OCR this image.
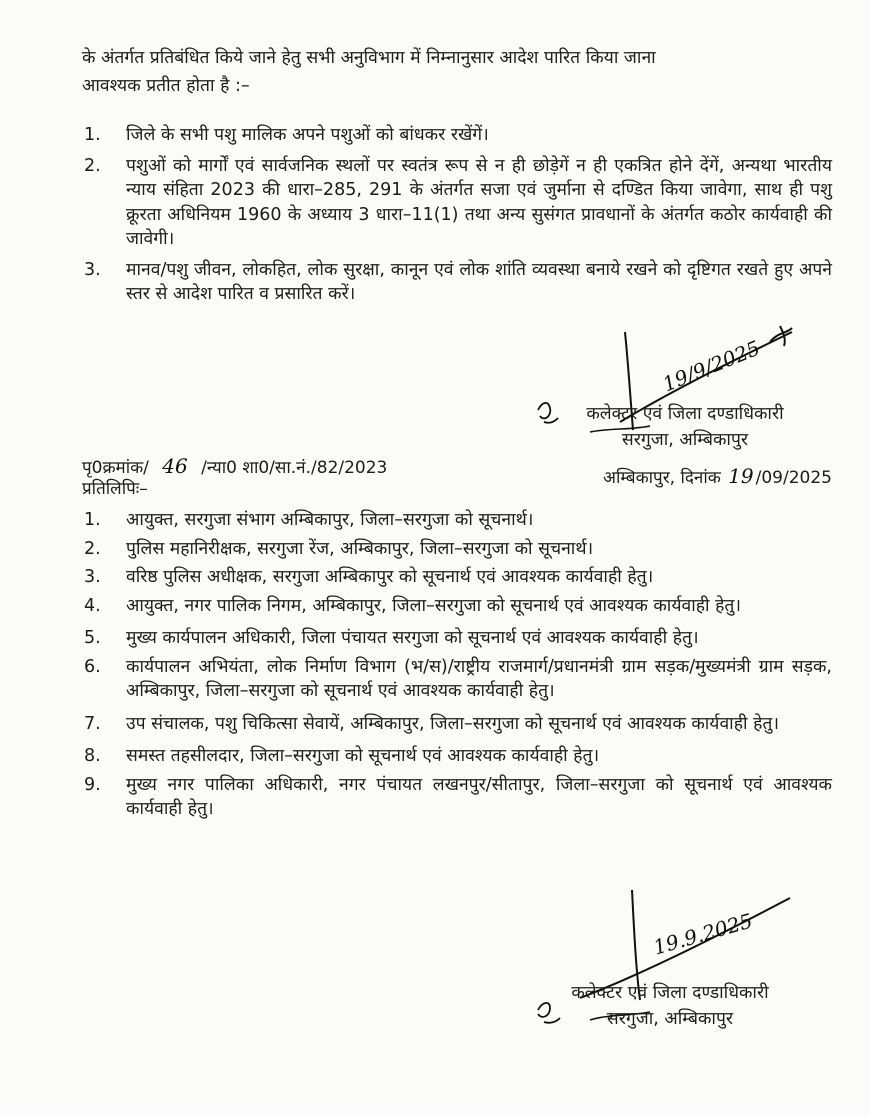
के अंतर्गत प्रतिबंधित किये जाने हेतु सभी अनुविभाग में निम्नानुसार आदेश पारित किया जाना
आवश्यक प्रतीत होता है :–
1.	जिले के सभी पशु मालिक अपने पशुओं को बांधकर रखेंगें।
2.	पशुओं को मार्गों एवं सार्वजनिक स्थलों पर स्वतंत्र रूप से न ही छोड़ेगें न ही एकत्रित होने देंगें, अन्यथा भारतीय न्याय संहिता 2023 की धारा–285, 291 के अंतर्गत सजा एवं जुर्माना से दण्डित किया जावेगा, साथ ही पशु क्रूरता अधिनियम 1960 के अध्याय 3 धारा–11(1) तथा अन्य सुसंगत प्रावधानों के अंतर्गत कठोर कार्यवाही की जावेगी।
3.	मानव/पशु जीवन, लोकहित, लोक सुरक्षा, कानून एवं लोक शांति व्यवस्था बनाये रखने को दृष्टिगत रखते हुए अपने स्तर से आदेश पारित व प्रसारित करें।
19/9/2025
कलेक्टर एवं जिला दण्डाधिकारी
सरगुजा, अम्बिकापुर
पृ0क्रमांक/ 46 /न्या0 शा0/सा.नं./82/2023	अम्बिकापुर, दिनांक 19 /09/2025
प्रतिलिपिः–
1.	आयुक्त, सरगुजा संभाग अम्बिकापुर, जिला–सरगुजा को सूचनार्थ।
2.	पुलिस महानिरीक्षक, सरगुजा रेंज, अम्बिकापुर, जिला–सरगुजा को सूचनार्थ।
3.	वरिष्ठ पुलिस अधीक्षक, सरगुजा अम्बिकापुर को सूचनार्थ एवं आवश्यक कार्यवाही हेतु।
4.	आयुक्त, नगर पालिक निगम, अम्बिकापुर, जिला–सरगुजा को सूचनार्थ एवं आवश्यक कार्यवाही हेतु।
5.	मुख्य कार्यपालन अधिकारी, जिला पंचायत सरगुजा को सूचनार्थ एवं आवश्यक कार्यवाही हेतु।
6.	कार्यपालन अभियंता, लोक निर्माण विभाग (भ/स)/राष्ट्रीय राजमार्ग/प्रधानमंत्री ग्राम सड़क/मुख्यमंत्री ग्राम सड़क, अम्बिकापुर, जिला–सरगुजा को सूचनार्थ एवं आवश्यक कार्यवाही हेतु।
7.	उप संचालक, पशु चिकित्सा सेवायें, अम्बिकापुर, जिला–सरगुजा को सूचनार्थ एवं आवश्यक कार्यवाही हेतु।
8.	समस्त तहसीलदार, जिला–सरगुजा को सूचनार्थ एवं आवश्यक कार्यवाही हेतु।
9.	मुख्य नगर पालिका अधिकारी, नगर पंचायत लखनपुर/सीतापुर, जिला–सरगुजा को सूचनार्थ एवं आवश्यक कार्यवाही हेतु।
19.9.2025
कलेक्टर एवं जिला दण्डाधिकारी
सरगुजा, अम्बिकापुर
